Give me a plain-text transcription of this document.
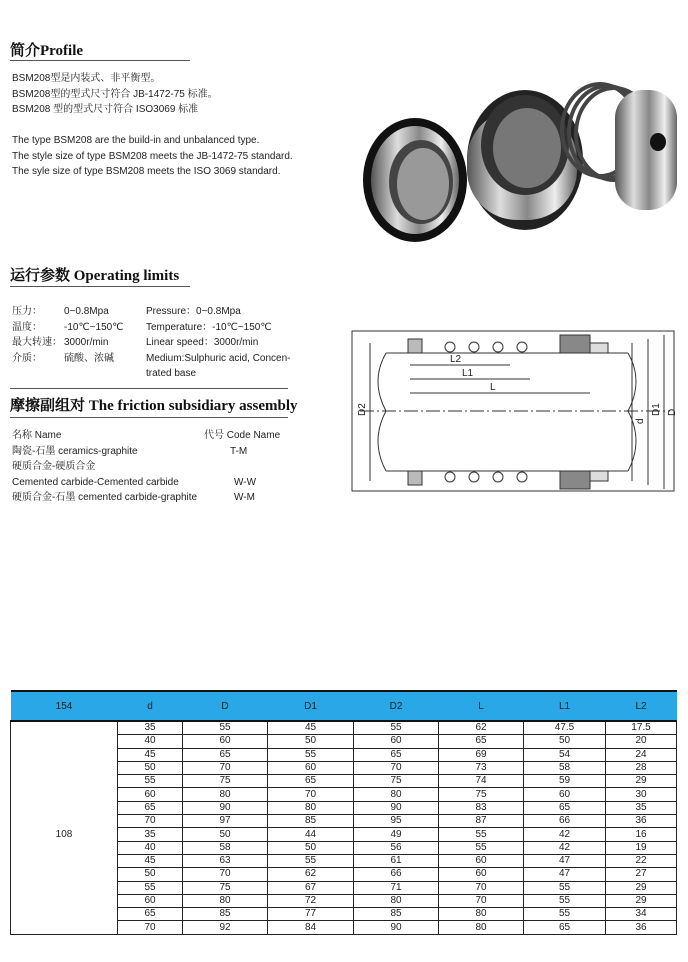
简介Profile
BSM208型是内装式、非平衡型。
BSM208型的型式尺寸符合 JB-1472-75 标准。
BSM208 型的型式尺寸符合 ISO3069 标准
The type BSM208 are the build-in and unbalanced type.
The style size of type BSM208 meets the JB-1472-75 standard.
The syle size of type BSM208 meets the ISO 3069 standard.
运行参数 Operating limits
压力：	0~0.8Mpa
温度：	-10℃~150℃
最大转速： 3000r/min
介质：	硫酸、浓碱
Pressure：0~0.8Mpa
Temperature：-10℃~150℃
Linear speed：3000r/min
Medium:Sulphuric acid, Concen-
trated base
摩擦副组对 The friction subsidiary assembly
名称 Name	代号 Code Name
陶瓷-石墨 ceramics-graphite	T-M
硬质合金-硬质合金
Cemented carbide-Cemented carbide	W-W
硬质合金-石墨 cemented carbide-graphite	W-M
L2
L1
L
D2
d
D1 D
154	d	D	D1	D2	L	L1	L2
	35	55	45	55	62	47.5	17.5
	40	60	50	60	65	50	20
	45	65	55	65	69	54	24
	50	70	60	70	73	58	28
	55	75	65	75	74	59	29
	60	80	70	80	75	60	30
	65	90	80	90	83	65	35
	70	97	85	95	87	66	36
108	35	50	44	49	55	42	16
	40	58	50	56	55	42	19
	45	63	55	61	60	47	22
	50	70	62	66	60	47	27
	55	75	67	71	70	55	29
	60	80	72	80	70	55	29
	65	85	77	85	80	55	34
	70	92	84	90	80	65	36
